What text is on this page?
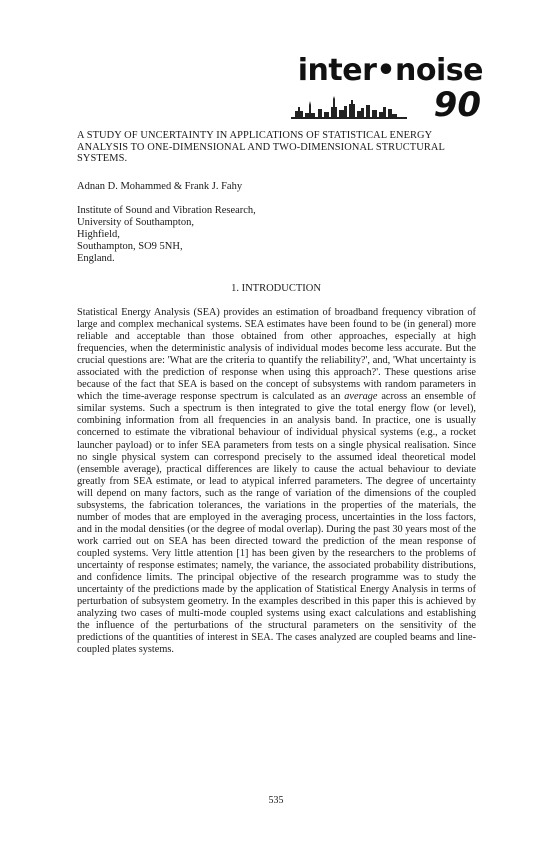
inter•noise
90
A STUDY OF UNCERTAINTY IN APPLICATIONS OF STATISTICAL ENERGY ANALYSIS TO ONE-DIMENSIONAL AND TWO-DIMENSIONAL STRUCTURAL SYSTEMS.
Adnan D. Mohammed & Frank J. Fahy
Institute of Sound and Vibration Research,
University of Southampton,
Highfield,
Southampton, SO9 5NH,
England.
1. INTRODUCTION

Statistical Energy Analysis (SEA) provides an estimation of broadband frequency vibration of large and complex mechanical systems. SEA estimates have been found to be (in general) more reliable and acceptable than those obtained from other approaches, especially at high frequencies, when the deterministic analysis of individual modes become less accurate. But the crucial questions are: 'What are the criteria to quantify the reliability?', and, 'What uncertainty is associated with the prediction of response when using this approach?'. These questions arise because of the fact that SEA is based on the concept of subsystems with random parameters in which the time-average response spectrum is calculated as an average across an ensemble of similar systems. Such a spectrum is then integrated to give the total energy flow (or level), combining information from all frequencies in an analysis band. In practice, one is usually concerned to estimate the vibrational behaviour of individual physical systems (e.g., a rocket launcher payload) or to infer SEA parameters from tests on a single physical realisation. Since no single physical system can correspond precisely to the assumed ideal theoretical model (ensemble average), practical differences are likely to cause the actual behaviour to deviate greatly from SEA estimate, or lead to atypical inferred parameters. The degree of uncertainty will depend on many factors, such as the range of variation of the dimensions of the coupled subsystems, the fabrication tolerances, the variations in the properties of the materials, the number of modes that are employed in the averaging process, uncertainties in the loss factors, and in the modal densities (or the degree of modal overlap). During the past 30 years most of the work carried out on SEA has been directed toward the prediction of the mean response of coupled systems. Very little attention [1] has been given by the researchers to the problems of uncertainty of response estimates; namely, the variance, the associated probability distributions, and confidence limits. The principal objective of the research programme was to study the uncertainty of the predictions made by the application of Statistical Energy Analysis in terms of perturbation of subsystem geometry. In the examples described in this paper this is achieved by analyzing two cases of multi-mode coupled systems using exact calculations and establishing the influence of the perturbations of the structural parameters on the sensitivity of the predictions of the quantities of interest in SEA. The cases analyzed are coupled beams and line-coupled plates systems.

535
